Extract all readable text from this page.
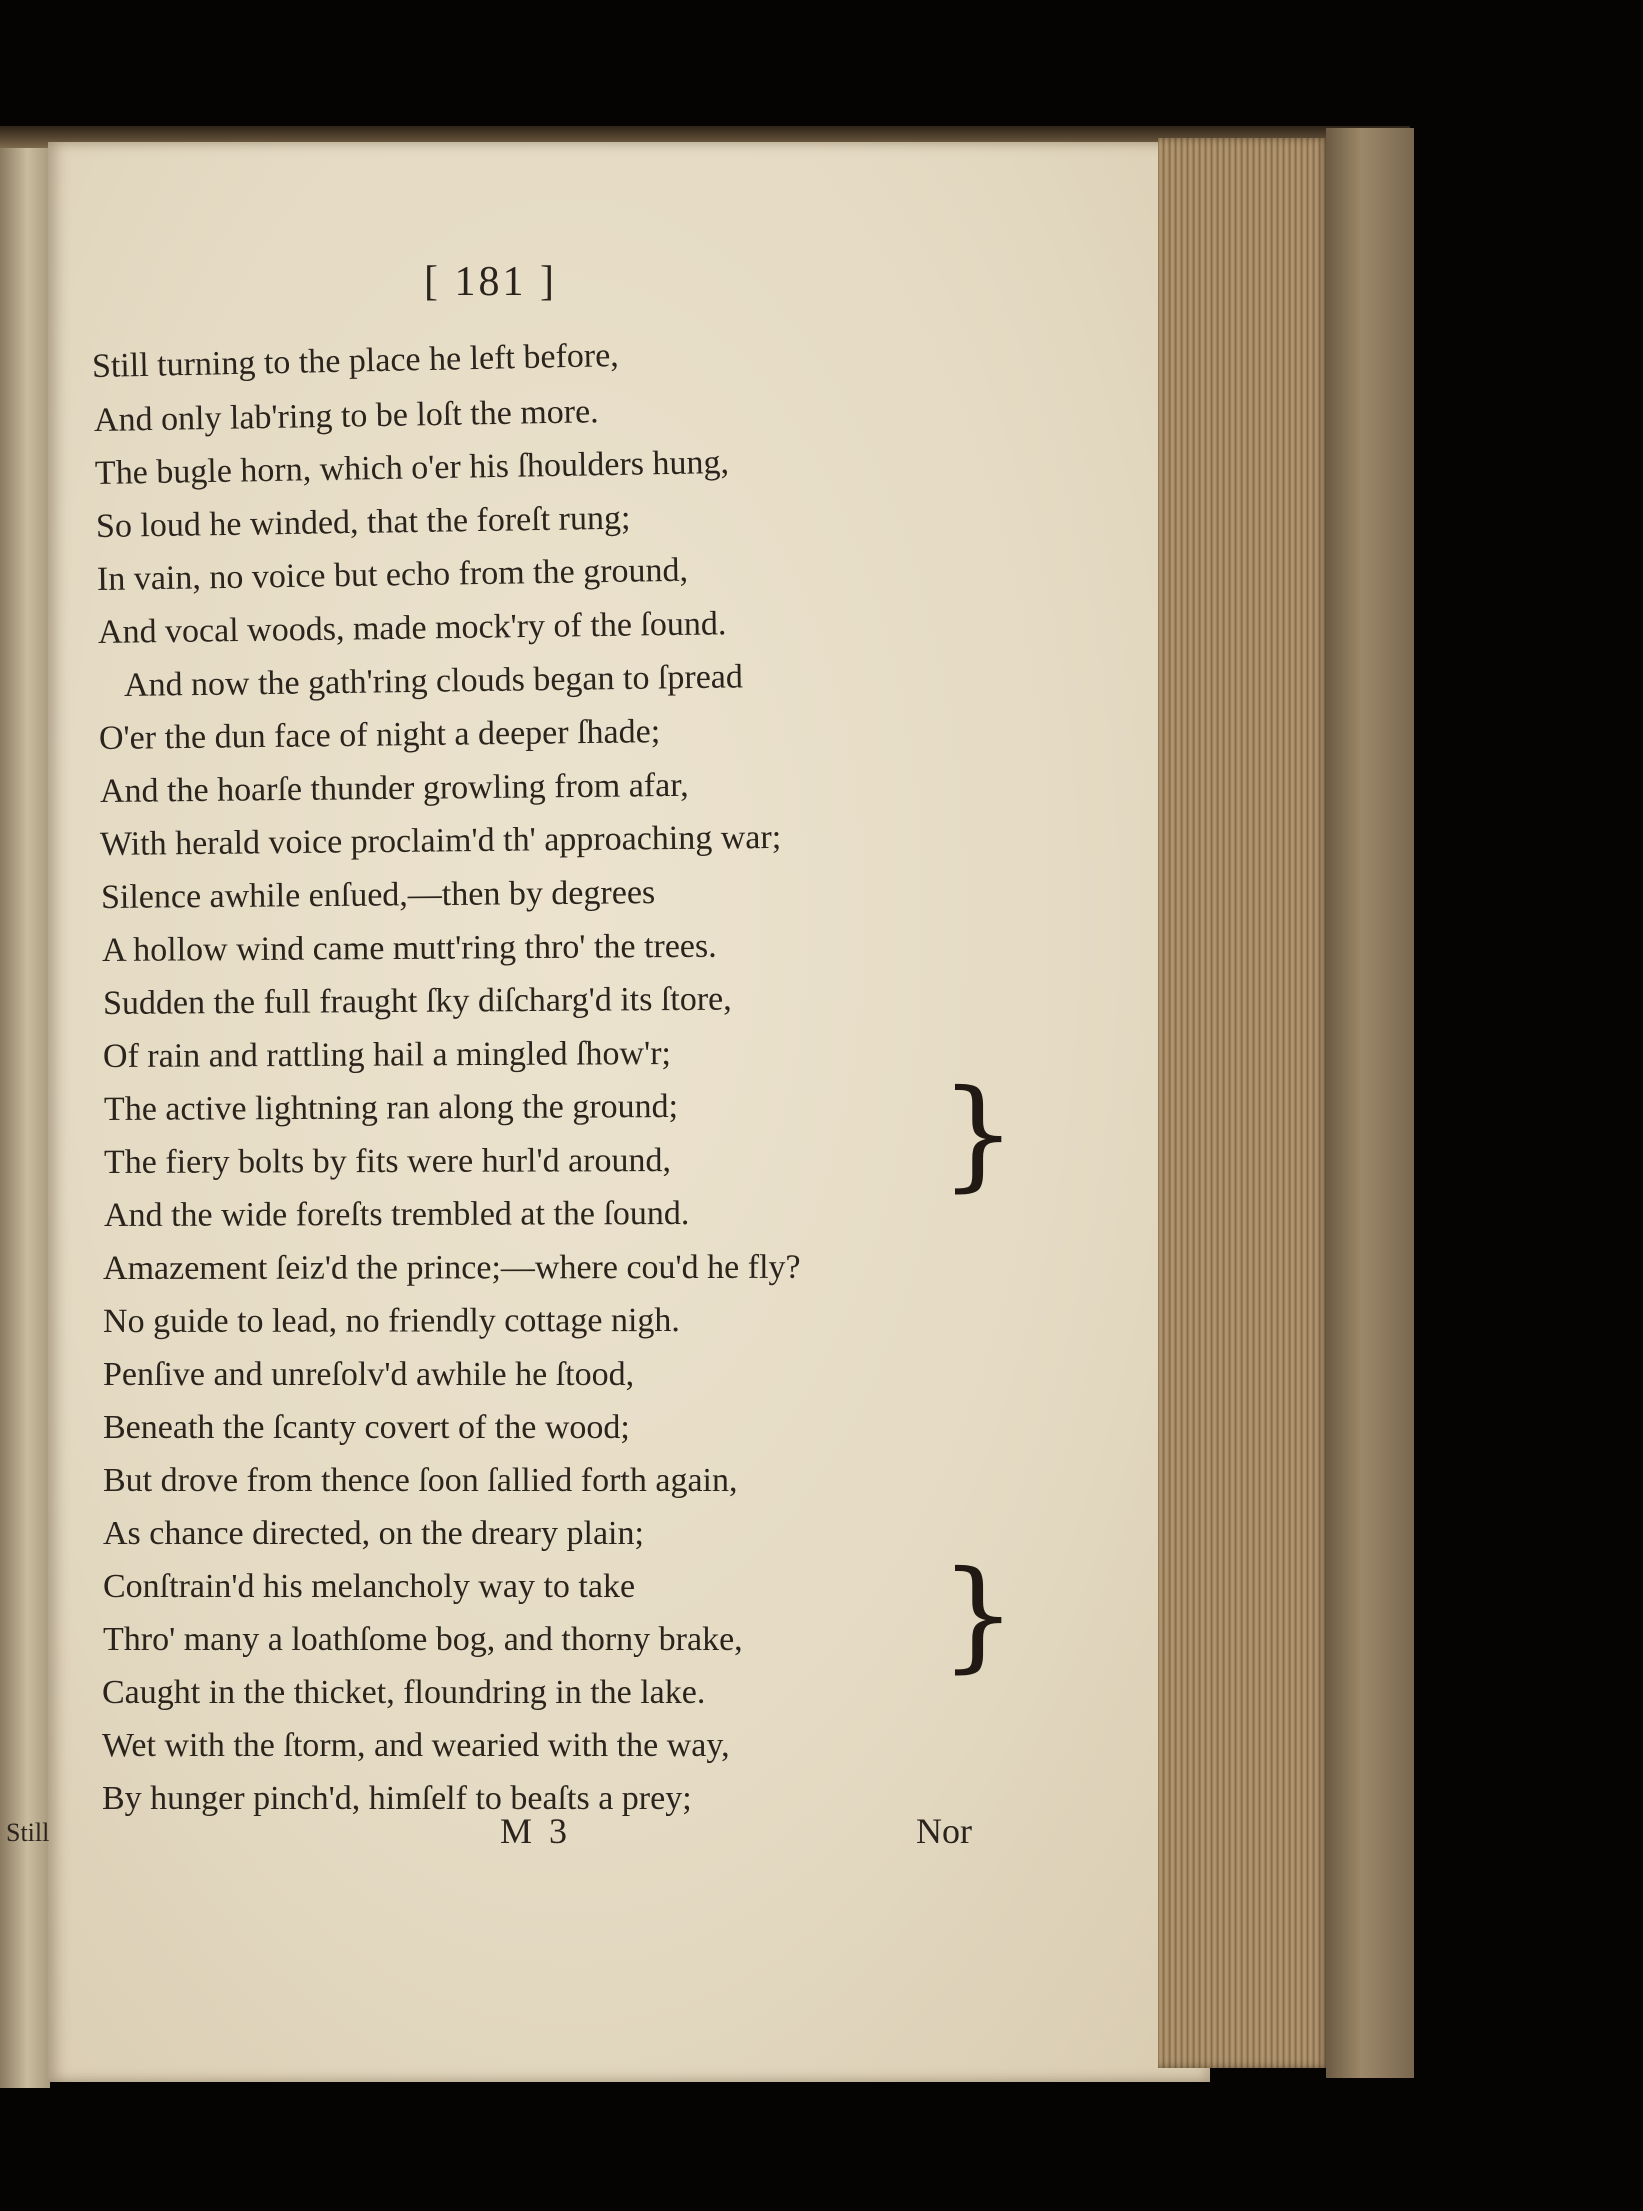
[ 181 ]
Still turning to the place he left before,
And only lab'ring to be loſt the more.
The bugle horn, which o'er his ſhoulders hung,
So loud he winded, that the foreſt rung;
In vain, no voice but echo from the ground,
And vocal woods, made mock'ry of the ſound.
And now the gath'ring clouds began to ſpread
O'er the dun face of night a deeper ſhade;
And the hoarſe thunder growling from afar,
With herald voice proclaim'd th' approaching war;
Silence awhile enſued,—then by degrees
A hollow wind came mutt'ring thro' the trees.
Sudden the full fraught ſky diſcharg'd its ſtore,
Of rain and rattling hail a mingled ſhow'r;
The active lightning ran along the ground;
The fiery bolts by fits were hurl'd around,
And the wide foreſts trembled at the ſound.
Amazement ſeiz'd the prince;—where cou'd he fly?
No guide to lead, no friendly cottage nigh.
Penſive and unreſolv'd awhile he ſtood,
Beneath the ſcanty covert of the wood;
But drove from thence ſoon ſallied forth again,
As chance directed, on the dreary plain;
Conſtrain'd his melancholy way to take
Thro' many a loathſome bog, and thorny brake,
Caught in the thicket, floundring in the lake.
Wet with the ſtorm, and wearied with the way,
By hunger pinch'd, himſelf to beaſts a prey;
}
}
M 3	Nor
Still
